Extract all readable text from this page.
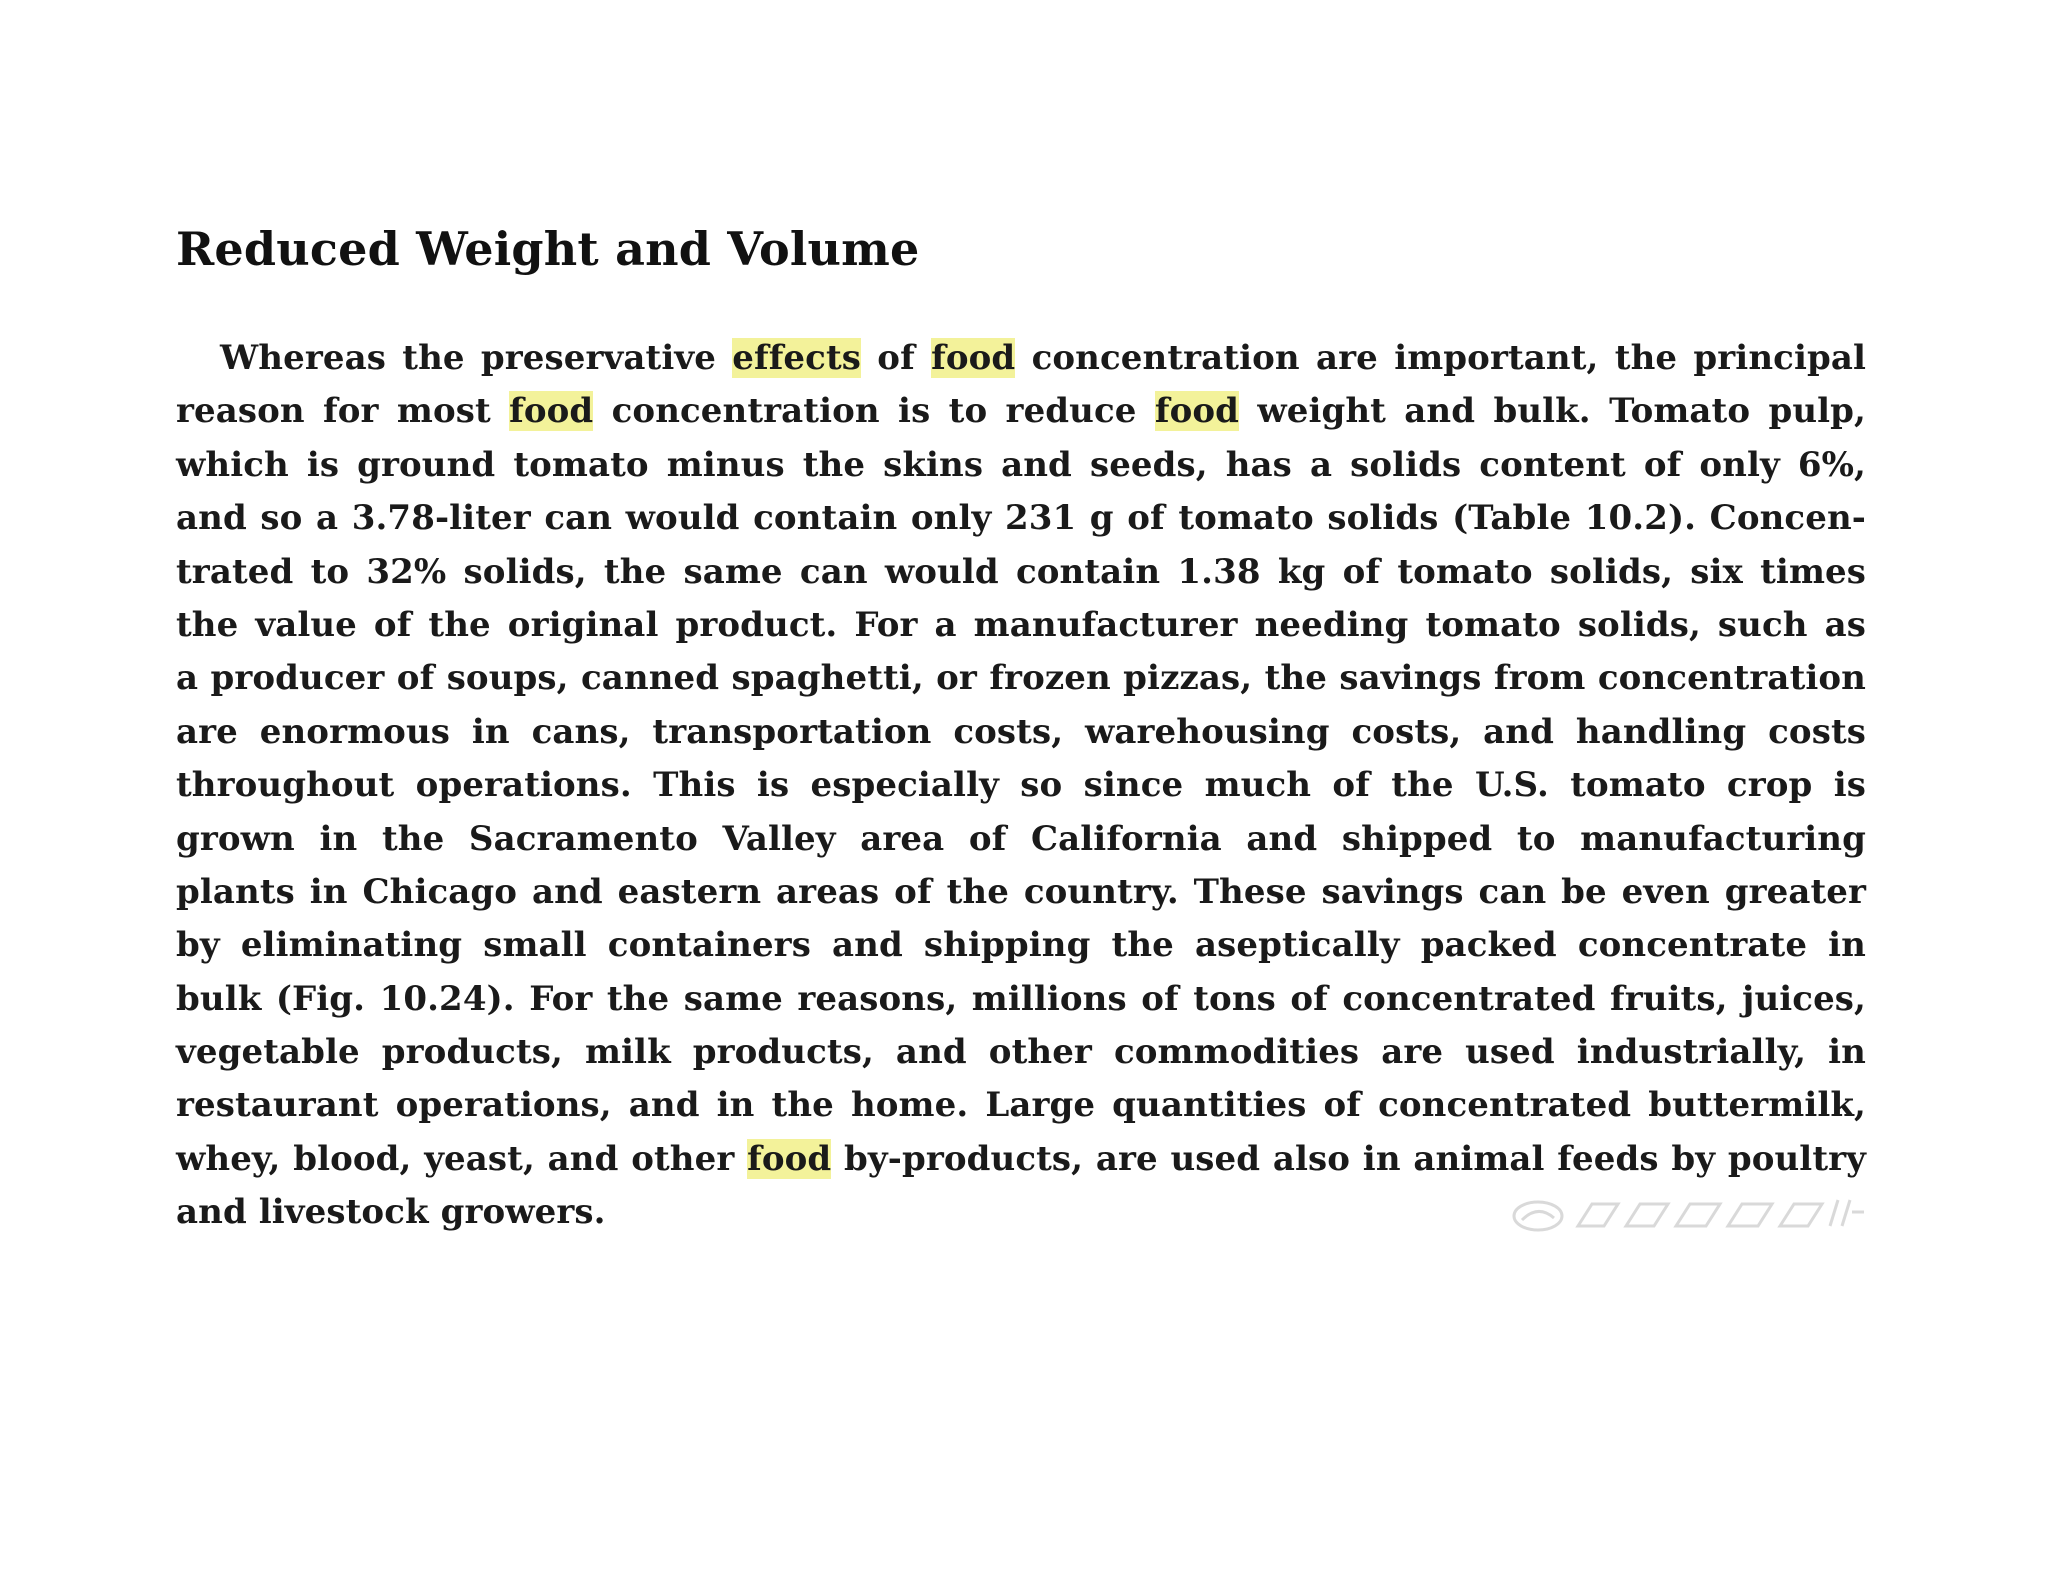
Reduced Weight and Volume
Whereas the preservative effects of food concentration are important, the principal
reason for most food concentration is to reduce food weight and bulk. Tomato pulp,
which is ground tomato minus the skins and seeds, has a solids content of only 6%,
and so a 3.78-liter can would contain only 231 g of tomato solids (Table 10.2). Concen-
trated to 32% solids, the same can would contain 1.38 kg of tomato solids, six times
the value of the original product. For a manufacturer needing tomato solids, such as
a producer of soups, canned spaghetti, or frozen pizzas, the savings from concentration
are enormous in cans, transportation costs, warehousing costs, and handling costs
throughout operations. This is especially so since much of the U.S. tomato crop is
grown in the Sacramento Valley area of California and shipped to manufacturing
plants in Chicago and eastern areas of the country. These savings can be even greater
by eliminating small containers and shipping the aseptically packed concentrate in
bulk (Fig. 10.24). For the same reasons, millions of tons of concentrated fruits, juices,
vegetable products, milk products, and other commodities are used industrially, in
restaurant operations, and in the home. Large quantities of concentrated buttermilk,
whey, blood, yeast, and other food by-products, are used also in animal feeds by poultry
and livestock growers.
